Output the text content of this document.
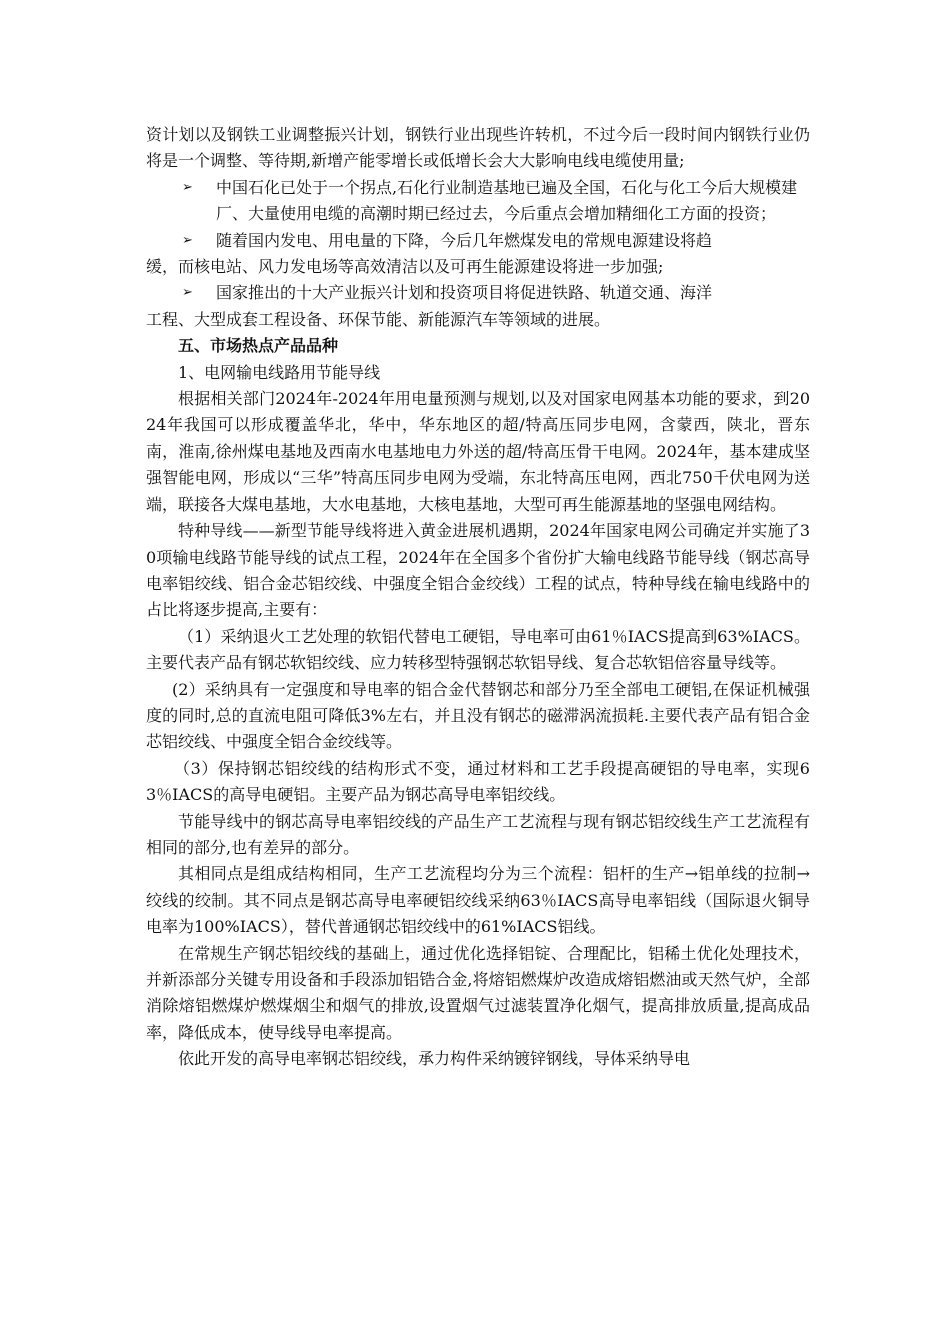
资计划以及钢铁工业调整振兴计划，钢铁行业出现些许转机，不过今后一段时间内钢铁行业仍将是一个调整、等待期,新增产能零增长或低增长会大大影响电线电缆使用量;

➢ 中国石化已处于一个拐点,石化行业制造基地已遍及全国，石化与化工今后大规模建厂、大量使用电缆的高潮时期已经过去，今后重点会增加精细化工方面的投资；
➢ 随着国内发电、用电量的下降，今后几年燃煤发电的常规电源建设将趋

缓，而核电站、风力发电场等高效清洁以及可再生能源建设将进一步加强;

➢ 国家推出的十大产业振兴计划和投资项目将促进铁路、轨道交通、海洋

工程、大型成套工程设备、环保节能、新能源汽车等领域的进展。

五、市场热点产品品种

1、电网输电线路用节能导线

根据相关部门2024年-2024年用电量预测与规划,以及对国家电网基本功能的要求，到2024年我国可以形成覆盖华北，华中，华东地区的超/特高压同步电网，含蒙西，陕北，晋东南，淮南,徐州煤电基地及西南水电基地电力外送的超/特高压骨干电网。2024年，基本建成坚强智能电网，形成以“三华”特高压同步电网为受端，东北特高压电网，西北750千伏电网为送端，联接各大煤电基地，大水电基地，大核电基地，大型可再生能源基地的坚强电网结构。

特种导线——新型节能导线将进入黄金进展机遇期，2024年国家电网公司确定并实施了30项输电线路节能导线的试点工程，2024年在全国多个省份扩大输电线路节能导线（钢芯高导电率铝绞线、铝合金芯铝绞线、中强度全铝合金绞线）工程的试点，特种导线在输电线路中的占比将逐步提高,主要有：

（1）采纳退火工艺处理的软铝代替电工硬铝，导电率可由61％IACS提高到63%IACS。主要代表产品有钢芯软铝绞线、应力转移型特强钢芯软铝导线、复合芯软铝倍容量导线等。

(2）采纳具有一定强度和导电率的铝合金代替钢芯和部分乃至全部电工硬铝,在保证机械强度的同时,总的直流电阻可降低3%左右，并且没有钢芯的磁滞涡流损耗.主要代表产品有铝合金芯铝绞线、中强度全铝合金绞线等。

（3）保持钢芯铝绞线的结构形式不变，通过材料和工艺手段提高硬铝的导电率，实现63％IACS的高导电硬铝。主要产品为钢芯高导电率铝绞线。

节能导线中的钢芯高导电率铝绞线的产品生产工艺流程与现有钢芯铝绞线生产工艺流程有相同的部分,也有差异的部分。

其相同点是组成结构相同，生产工艺流程均分为三个流程：铝杆的生产→铝单线的拉制→绞线的绞制。其不同点是钢芯高导电率硬铝绞线采纳63％IACS高导电率铝线（国际退火铜导电率为100%IACS），替代普通钢芯铝绞线中的61%IACS铝线。

在常规生产钢芯铝绞线的基础上，通过优化选择铝锭、合理配比，铝稀土优化处理技术，并新添部分关键专用设备和手段添加铝锆合金,将熔铝燃煤炉改造成熔铝燃油或天然气炉，全部消除熔铝燃煤炉燃煤烟尘和烟气的排放,设置烟气过滤装置净化烟气，提高排放质量,提高成品率，降低成本，使导线导电率提高。

依此开发的高导电率钢芯铝绞线，承力构件采纳镀锌钢线，导体采纳导电
